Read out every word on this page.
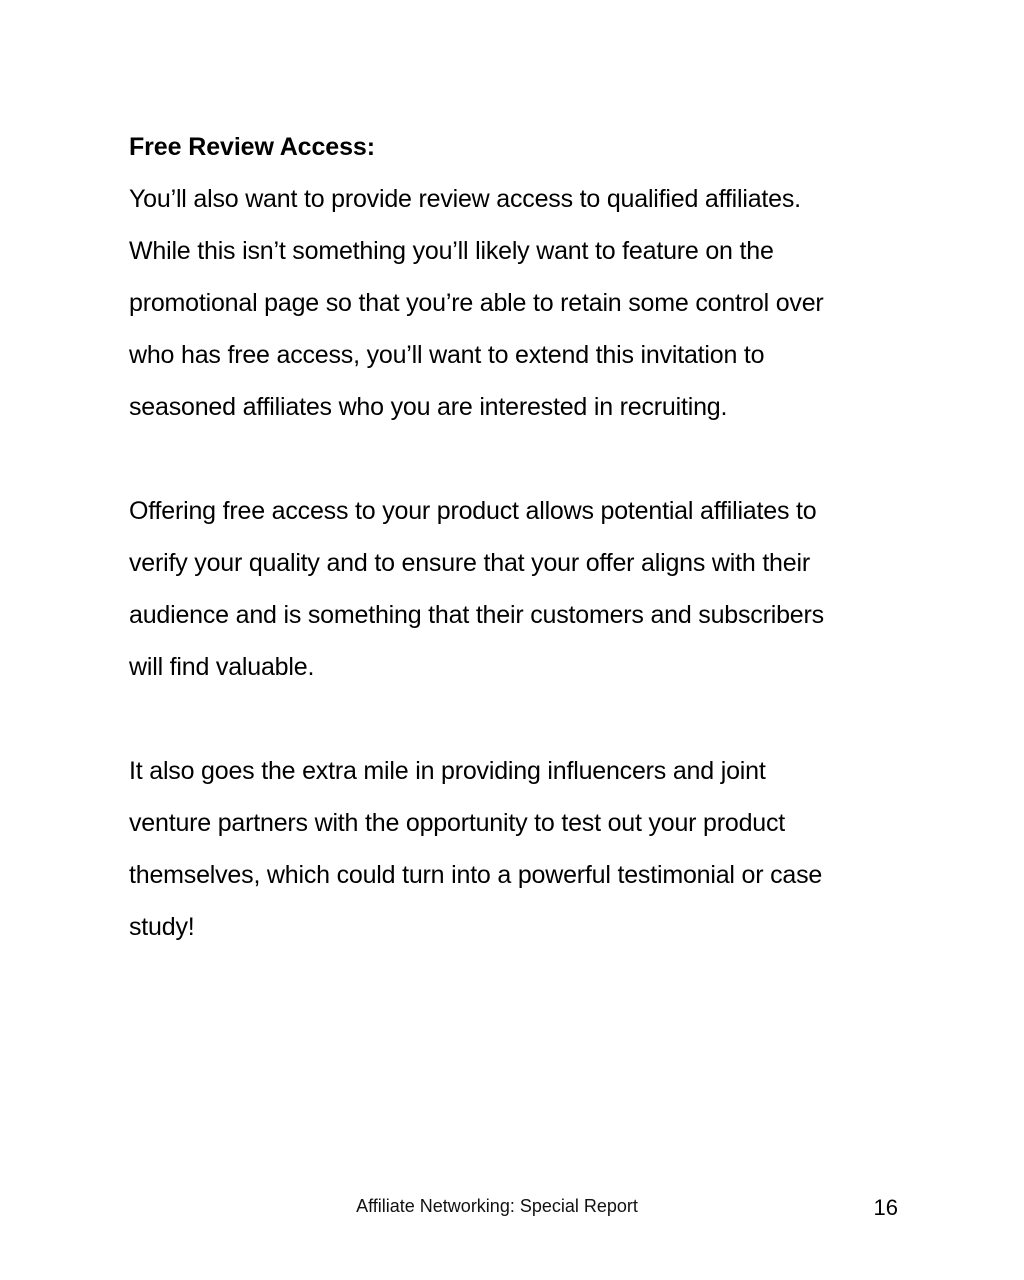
Free Review Access:

You’ll also want to provide review access to qualified affiliates.
While this isn’t something you’ll likely want to feature on the
promotional page so that you’re able to retain some control over
who has free access, you’ll want to extend this invitation to
seasoned affiliates who you are interested in recruiting.

Offering free access to your product allows potential affiliates to
verify your quality and to ensure that your offer aligns with their
audience and is something that their customers and subscribers
will find valuable.

It also goes the extra mile in providing influencers and joint
venture partners with the opportunity to test out your product
themselves, which could turn into a powerful testimonial or case
study!

Affiliate Networking: Special Report	16
